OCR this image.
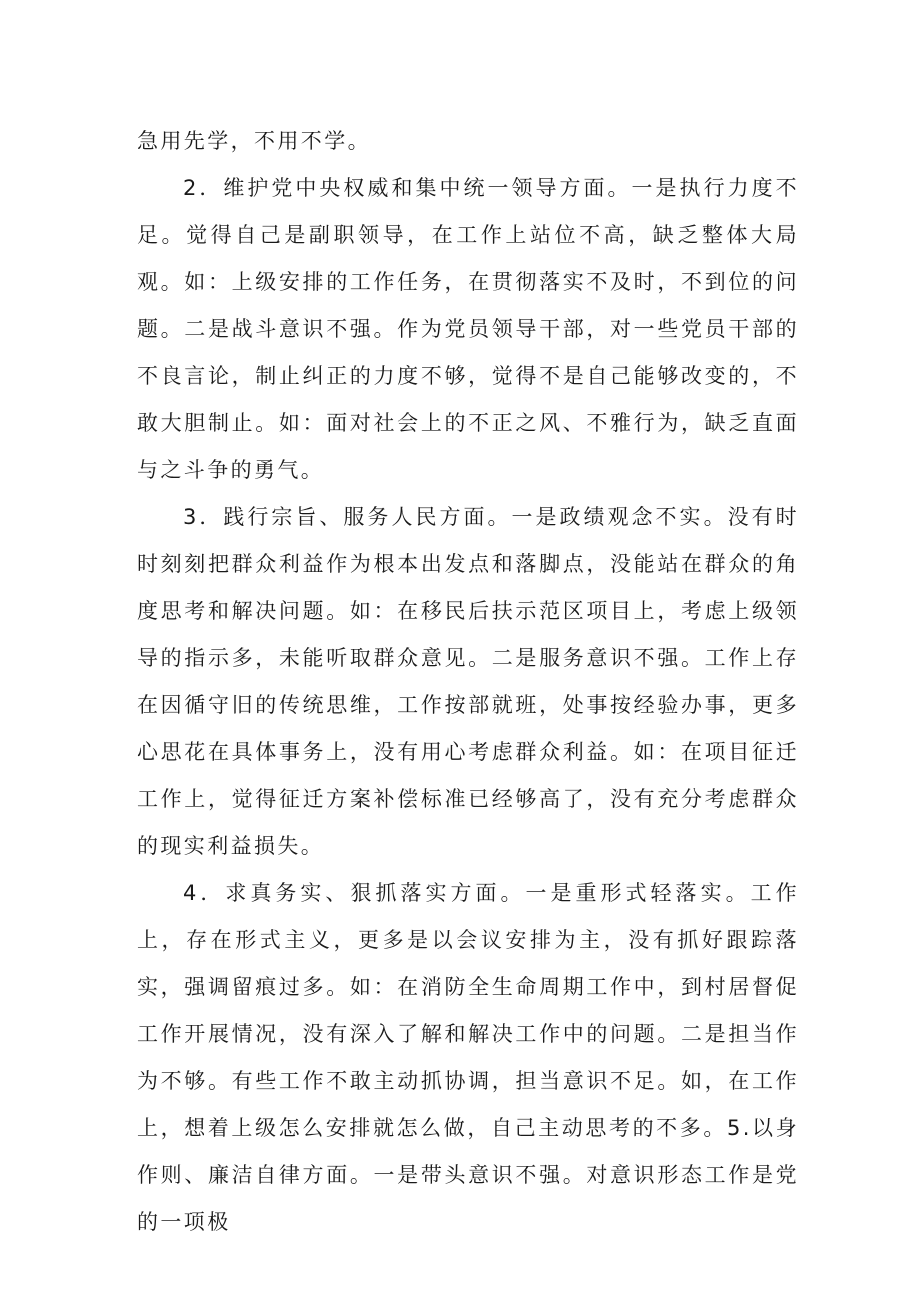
急用先学，不用不学。

2．维护党中央权威和集中统一领导方面。一是执行力度不足。觉得自己是副职领导，在工作上站位不高，缺乏整体大局观。如：上级安排的工作任务，在贯彻落实不及时，不到位的问题。二是战斗意识不强。作为党员领导干部，对一些党员干部的不良言论，制止纠正的力度不够，觉得不是自己能够改变的，不敢大胆制止。如：面对社会上的不正之风、不雅行为，缺乏直面与之斗争的勇气。

3．践行宗旨、服务人民方面。一是政绩观念不实。没有时时刻刻把群众利益作为根本出发点和落脚点，没能站在群众的角度思考和解决问题。如：在移民后扶示范区项目上，考虑上级领导的指示多，未能听取群众意见。二是服务意识不强。工作上存在因循守旧的传统思维，工作按部就班，处事按经验办事，更多心思花在具体事务上，没有用心考虑群众利益。如：在项目征迁工作上，觉得征迁方案补偿标准已经够高了，没有充分考虑群众的现实利益损失。

4．求真务实、狠抓落实方面。一是重形式轻落实。工作上，存在形式主义，更多是以会议安排为主，没有抓好跟踪落实，强调留痕过多。如：在消防全生命周期工作中，到村居督促工作开展情况，没有深入了解和解决工作中的问题。二是担当作为不够。有些工作不敢主动抓协调，担当意识不足。如，在工作上，想着上级怎么安排就怎么做，自己主动思考的不多。5.以身作则、廉洁自律方面。一是带头意识不强。对意识形态工作是党的一项极
